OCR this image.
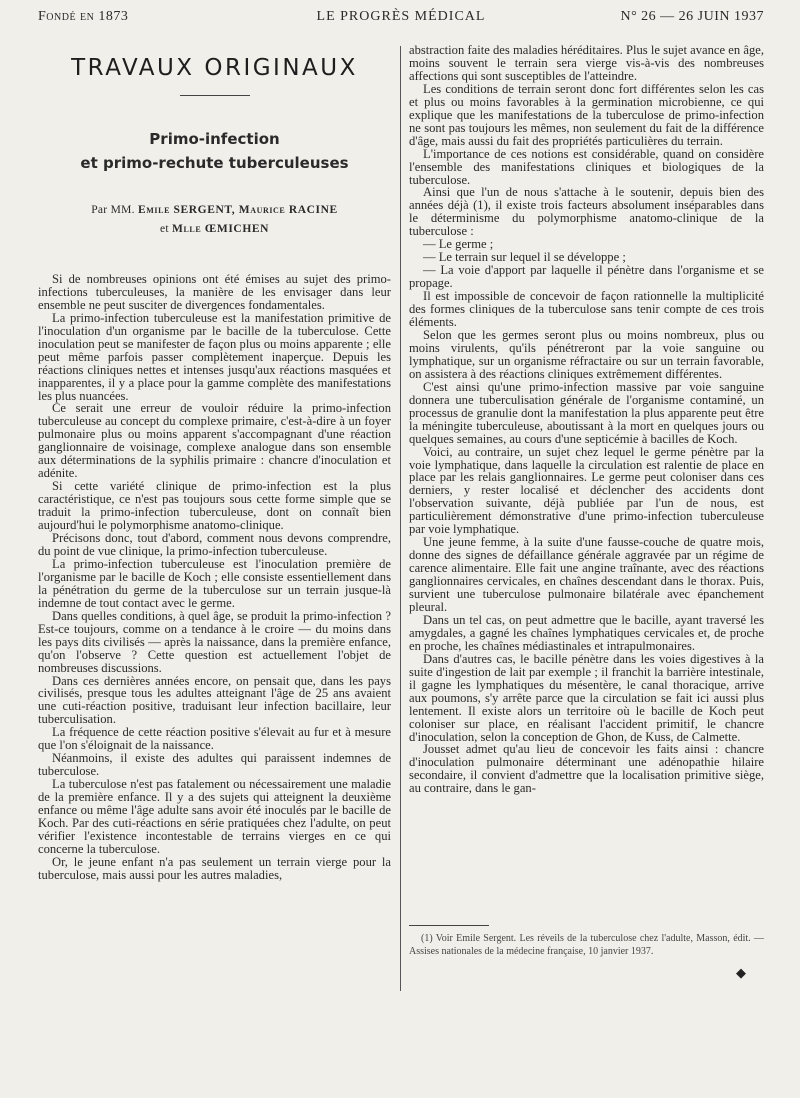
Fondé en 1873	LE PROGRÈS MÉDICAL	N° 26 — 26 JUIN 1937
TRAVAUX ORIGINAUX
Primo-infection
et primo-rechute tuberculeuses
Par MM. Emile SERGENT, Maurice RACINE
et Mlle ŒMICHEN

Si de nombreuses opinions ont été émises au sujet des primo-infections tuberculeuses, la manière de les envisager dans leur ensemble ne peut susciter de divergences fondamentales.

La primo-infection tuberculeuse est la manifestation primitive de l'inoculation d'un organisme par le bacille de la tuberculose. Cette inoculation peut se manifester de façon plus ou moins apparente ; elle peut même parfois passer complètement inaperçue. Depuis les réactions cliniques nettes et intenses jusqu'aux réactions masquées et inapparentes, il y a place pour la gamme complète des manifestations les plus nuancées.

Ce serait une erreur de vouloir réduire la primo-infection tuberculeuse au concept du complexe primaire, c'est-à-dire à un foyer pulmonaire plus ou moins apparent s'accompagnant d'une réaction ganglionnaire de voisinage, complexe analogue dans son ensemble aux déterminations de la syphilis primaire : chancre d'inoculation et adénite.

Si cette variété clinique de primo-infection est la plus caractéristique, ce n'est pas toujours sous cette forme simple que se traduit la primo-infection tuberculeuse, dont on connaît bien aujourd'hui le polymorphisme anatomo-clinique.

Précisons donc, tout d'abord, comment nous devons comprendre, du point de vue clinique, la primo-infection tuberculeuse.

La primo-infection tuberculeuse est l'inoculation première de l'organisme par le bacille de Koch ; elle consiste essentiellement dans la pénétration du germe de la tuberculose sur un terrain jusque-là indemne de tout contact avec le germe.

Dans quelles conditions, à quel âge, se produit la primo-infection ? Est-ce toujours, comme on a tendance à le croire — du moins dans les pays dits civilisés — après la naissance, dans la première enfance, qu'on l'observe ? Cette question est actuellement l'objet de nombreuses discussions.

Dans ces dernières années encore, on pensait que, dans les pays civilisés, presque tous les adultes atteignant l'âge de 25 ans avaient une cuti-réaction positive, traduisant leur infection bacillaire, leur tuberculisation.

La fréquence de cette réaction positive s'élevait au fur et à mesure que l'on s'éloignait de la naissance.

Néanmoins, il existe des adultes qui paraissent indemnes de tuberculose.

La tuberculose n'est pas fatalement ou nécessairement une maladie de la première enfance. Il y a des sujets qui atteignent la deuxième enfance ou même l'âge adulte sans avoir été inoculés par le bacille de Koch. Par des cuti-réactions en série pratiquées chez l'adulte, on peut vérifier l'existence incontestable de terrains vierges en ce qui concerne la tuberculose.

Or, le jeune enfant n'a pas seulement un terrain vierge pour la tuberculose, mais aussi pour les autres maladies,

abstraction faite des maladies héréditaires. Plus le sujet avance en âge, moins souvent le terrain sera vierge vis-à-vis des nombreuses affections qui sont susceptibles de l'atteindre.

Les conditions de terrain seront donc fort différentes selon les cas et plus ou moins favorables à la germination microbienne, ce qui explique que les manifestations de la tuberculose de primo-infection ne sont pas toujours les mêmes, non seulement du fait de la différence d'âge, mais aussi du fait des propriétés particulières du terrain.

L'importance de ces notions est considérable, quand on considère l'ensemble des manifestations cliniques et biologiques de la tuberculose.

Ainsi que l'un de nous s'attache à le soutenir, depuis bien des années déjà (1), il existe trois facteurs absolument inséparables dans le déterminisme du polymorphisme anatomo-clinique de la tuberculose :

— Le germe ;

— Le terrain sur lequel il se développe ;

— La voie d'apport par laquelle il pénètre dans l'organisme et se propage.

Il est impossible de concevoir de façon rationnelle la multiplicité des formes cliniques de la tuberculose sans tenir compte de ces trois éléments.

Selon que les germes seront plus ou moins nombreux, plus ou moins virulents, qu'ils pénétreront par la voie sanguine ou lymphatique, sur un organisme réfractaire ou sur un terrain favorable, on assistera à des réactions cliniques extrêmement différentes.

C'est ainsi qu'une primo-infection massive par voie sanguine donnera une tuberculisation générale de l'organisme contaminé, un processus de granulie dont la manifestation la plus apparente peut être la méningite tuberculeuse, aboutissant à la mort en quelques jours ou quelques semaines, au cours d'une septicémie à bacilles de Koch.

Voici, au contraire, un sujet chez lequel le germe pénètre par la voie lymphatique, dans laquelle la circulation est ralentie de place en place par les relais ganglionnaires. Le germe peut coloniser dans ces derniers, y rester localisé et déclencher des accidents dont l'observation suivante, déjà publiée par l'un de nous, est particulièrement démonstrative d'une primo-infection tuberculeuse par voie lymphatique.

Une jeune femme, à la suite d'une fausse-couche de quatre mois, donne des signes de défaillance générale aggravée par un régime de carence alimentaire. Elle fait une angine traînante, avec des réactions ganglionnaires cervicales, en chaînes descendant dans le thorax. Puis, survient une tuberculose pulmonaire bilatérale avec épanchement pleural.

Dans un tel cas, on peut admettre que le bacille, ayant traversé les amygdales, a gagné les chaînes lymphatiques cervicales et, de proche en proche, les chaînes médiastinales et intrapulmonaires.

Dans d'autres cas, le bacille pénètre dans les voies digestives à la suite d'ingestion de lait par exemple ; il franchit la barrière intestinale, il gagne les lymphatiques du mésentère, le canal thoracique, arrive aux poumons, s'y arrête parce que la circulation se fait ici aussi plus lentement. Il existe alors un territoire où le bacille de Koch peut coloniser sur place, en réalisant l'accident primitif, le chancre d'inoculation, selon la conception de Ghon, de Kuss, de Calmette.

Jousset admet qu'au lieu de concevoir les faits ainsi : chancre d'inoculation pulmonaire déterminant une adénopathie hilaire secondaire, il convient d'admettre que la localisation primitive siège, au contraire, dans le gan-

(1) Voir Emile Sergent. Les réveils de la tuberculose chez l'adulte, Masson, édit. — Assises nationales de la médecine française, 10 janvier 1937.

◆
